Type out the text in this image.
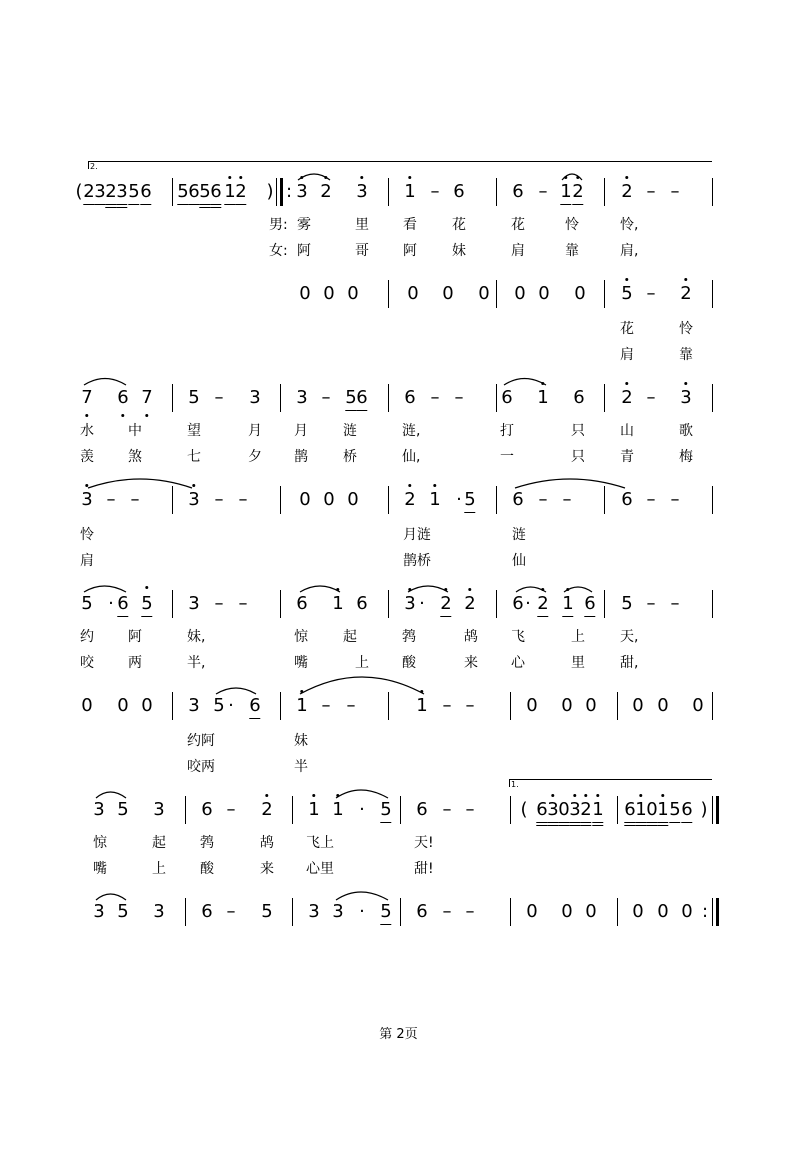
2.
( 2 3 2 3 5 6 5 6 5 6 1 2 ) : 3 2 3 1 – 6	6 – 1 2 2 – –
男: 雾	里 看	花	花	怜	怜,
女: 阿	哥 阿	妹	肩	靠	肩,
0 0 0	0 0 0 0 0 0 5 – 2
花	怜
肩	靠
7 6 7 5 – 3 3 – 5 6 6 – – 6 1 6 2 – 3
水 中	望	月 月	涟	涟,	打	只	山	歌
羡 煞	七	夕 鹊	桥	仙,	一	只	青	梅
3 – –	3 – –	0 0 0	2 1 · 5 6 – –	6 – –
怜	月涟	涟
肩	鹊桥	仙
5 · 6 5 3 – –	6 1 6 3 · 2 2 6 · 2 1 6 5 – –
约 阿	妹,	惊	起	鹁	鸪 飞	上	天,
咬 两	半,	嘴	上 酸	来 心	里	甜,
0 0 0 3 5 · 6 1 – –	1 – –	0 0 0 0 0 0
约阿	妹
咬两	半
1.
3 5 3 6 – 2 1 1 · 5 6 – –	( 6 3 0 3 2 1 6 1 0 1 5 6 )
惊	起 鹁	鸪 飞上	天!
嘴	上 酸	来 心里	甜!
3 5 3 6 – 5 3 3 · 5 6 – –	0 0 0 0 0 0 :
第 2页
